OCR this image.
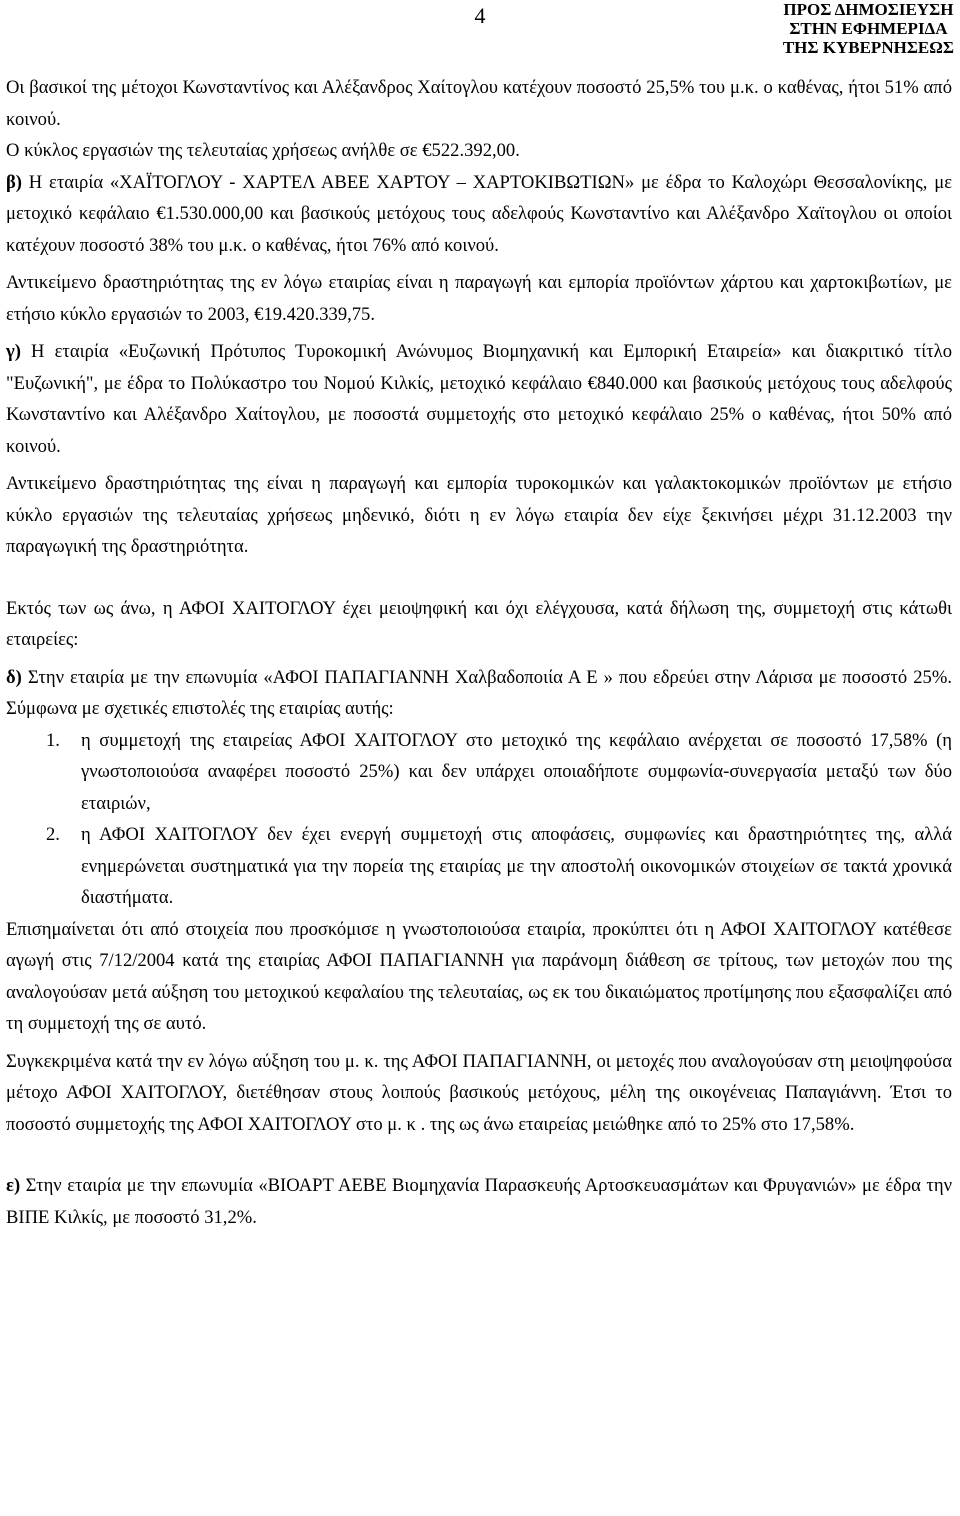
4	ΠΡΟΣ ΔΗΜΟΣΙΕΥΣΗ
ΣΤΗΝ ΕΦΗΜΕΡΙΔΑ
ΤΗΣ ΚΥΒΕΡΝΗΣΕΩΣ

Οι βασικοί της μέτοχοι Κωνσταντίνος και Αλέξανδρος Χαίτογλου κατέχουν ποσοστό 25,5% του μ.κ. ο καθένας, ήτοι 51% από κοινού.

Ο κύκλος εργασιών της τελευταίας χρήσεως ανήλθε σε €522.392,00.

β) Η εταιρία «ΧΑΪΤΟΓΛΟΥ - ΧΑΡΤΕΛ ΑΒΕΕ ΧΑΡΤΟΥ – ΧΑΡΤΟΚΙΒΩΤΙΩΝ» με έδρα το Καλοχώρι Θεσσαλονίκης, με μετοχικό κεφάλαιο €1.530.000,00 και βασικούς μετόχους τους αδελφούς Κωνσταντίνο και Αλέξανδρο Χαϊτογλου οι οποίοι κατέχουν ποσοστό 38% του μ.κ. ο καθένας, ήτοι 76% από κοινού.

Αντικείμενο δραστηριότητας της εν λόγω εταιρίας είναι η παραγωγή και εμπορία προϊόντων χάρτου και χαρτοκιβωτίων, με ετήσιο κύκλο εργασιών το 2003, €19.420.339,75.

γ) Η εταιρία «Ευζωνική Πρότυπος Τυροκομική Ανώνυμος Βιομηχανική και Εμπορική Εταιρεία» και διακριτικό τίτλο "Ευζωνική", με έδρα το Πολύκαστρο του Νομού Κιλκίς, μετοχικό κεφάλαιο €840.000 και βασικούς μετόχους τους αδελφούς Κωνσταντίνο και Αλέξανδρο Χαίτογλου, με ποσοστά συμμετοχής στο μετοχικό κεφάλαιο 25% ο καθένας, ήτοι 50% από κοινού.

Αντικείμενο δραστηριότητας της είναι η παραγωγή και εμπορία τυροκομικών και γαλακτοκομικών προϊόντων με ετήσιο κύκλο εργασιών της τελευταίας χρήσεως μηδενικό, διότι η εν λόγω εταιρία δεν είχε ξεκινήσει μέχρι 31.12.2003 την παραγωγική της δραστηριότητα.

Εκτός των ως άνω, η ΑΦΟΙ ΧΑΙΤΟΓΛΟΥ έχει μειοψηφική και όχι ελέγχουσα, κατά δήλωση της, συμμετοχή στις κάτωθι εταιρείες:

δ) Στην εταιρία με την επωνυμία «ΑΦΟΙ ΠΑΠΑΓΙΑΝΝΗ Χαλβαδοποιία Α Ε » που εδρεύει στην Λάρισα με ποσοστό 25%. Σύμφωνα με σχετικές επιστολές της εταιρίας αυτής:

1. η συμμετοχή της εταιρείας ΑΦΟΙ ΧΑΙΤΟΓΛΟΥ στο μετοχικό της κεφάλαιο ανέρχεται σε ποσοστό 17,58% (η γνωστοποιούσα αναφέρει ποσοστό 25%) και δεν υπάρχει οποιαδήποτε συμφωνία-συνεργασία μεταξύ των δύο εταιριών,

2. η ΑΦΟΙ ΧΑΙΤΟΓΛΟΥ δεν έχει ενεργή συμμετοχή στις αποφάσεις, συμφωνίες και δραστηριότητες της, αλλά ενημερώνεται συστηματικά για την πορεία της εταιρίας με την αποστολή οικονομικών στοιχείων σε τακτά χρονικά διαστήματα.

Επισημαίνεται ότι από στοιχεία που προσκόμισε η γνωστοποιούσα εταιρία, προκύπτει ότι η ΑΦΟΙ ΧΑΙΤΟΓΛΟΥ κατέθεσε αγωγή στις 7/12/2004 κατά της εταιρίας ΑΦΟΙ ΠΑΠΑΓΙΑΝΝΗ για παράνομη διάθεση σε τρίτους, των μετοχών που της αναλογούσαν μετά αύξηση του μετοχικού κεφαλαίου της τελευταίας, ως εκ του δικαιώματος προτίμησης που εξασφαλίζει από τη συμμετοχή της σε αυτό.

Συγκεκριμένα κατά την εν λόγω αύξηση του μ. κ. της ΑΦΟΙ ΠΑΠΑΓΙΑΝΝΗ, οι μετοχές που αναλογούσαν στη μειοψηφούσα μέτοχο ΑΦΟΙ ΧΑΙΤΟΓΛΟΥ, διετέθησαν στους λοιπούς βασικούς μετόχους, μέλη της οικογένειας Παπαγιάννη. Έτσι το ποσοστό συμμετοχής της ΑΦΟΙ ΧΑΙΤΟΓΛΟΥ στο μ. κ . της ως άνω εταιρείας μειώθηκε από το 25% στο 17,58%.

ε) Στην εταιρία με την επωνυμία «ΒΙΟΑΡΤ ΑΕΒΕ Βιομηχανία Παρασκευής Αρτοσκευασμάτων και Φρυγανιών» με έδρα την ΒΙΠΕ Κιλκίς, με ποσοστό 31,2%.
